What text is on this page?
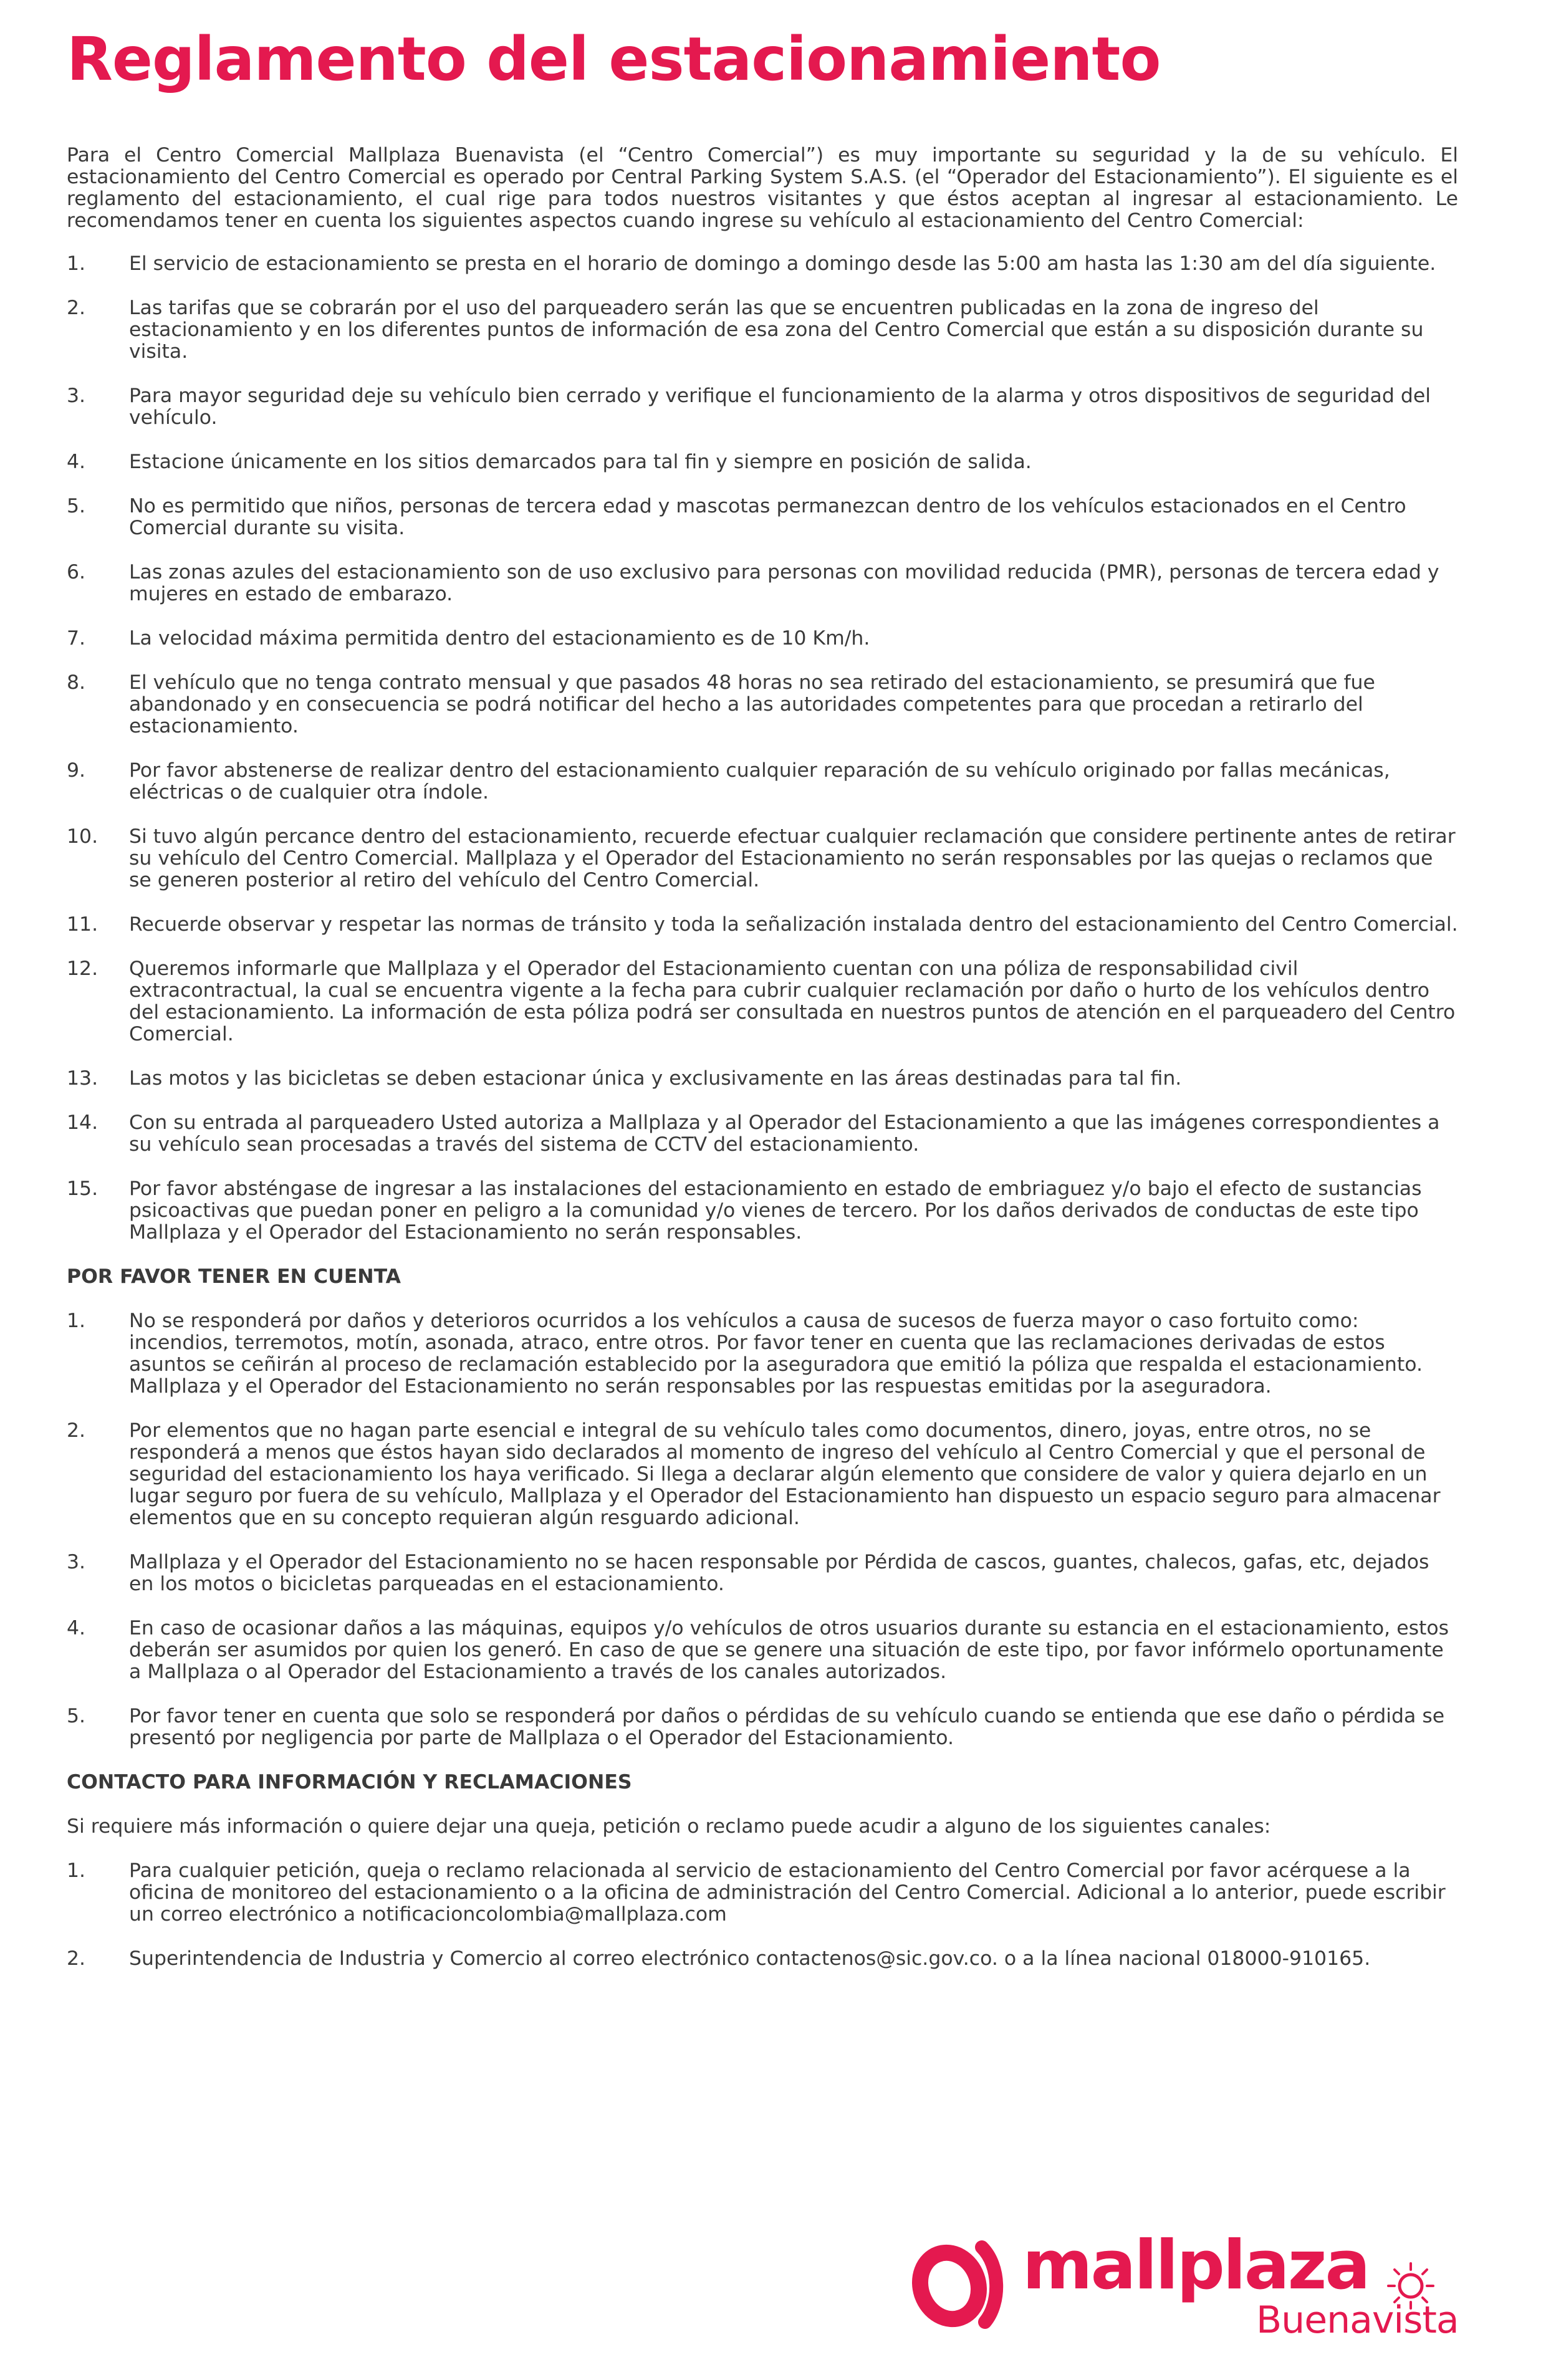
Reglamento del estacionamiento

Para el Centro Comercial Mallplaza Buenavista (el “Centro Comercial”) es muy importante su seguridad y la de su vehículo. El estacionamiento del Centro Comercial es operado por Central Parking System S.A.S. (el “Operador del Estacionamiento”). El siguiente es el reglamento del estacionamiento, el cual rige para todos nuestros visitantes y que éstos aceptan al ingresar al estacionamiento. Le recomendamos tener en cuenta los siguientes aspectos cuando ingrese su vehículo al estacionamiento del Centro Comercial:

1.	El servicio de estacionamiento se presta en el horario de domingo a domingo desde las 5:00 am hasta las 1:30 am del día siguiente.
2.	Las tarifas que se cobrarán por el uso del parqueadero serán las que se encuentren publicadas en la zona de ingreso del estacionamiento y en los diferentes puntos de información de esa zona del Centro Comercial que están a su disposición durante su visita.
3.	Para mayor seguridad deje su vehículo bien cerrado y verifique el funcionamiento de la alarma y otros dispositivos de seguridad del vehículo.
4.	Estacione únicamente en los sitios demarcados para tal fin y siempre en posición de salida.
5.	No es permitido que niños, personas de tercera edad y mascotas permanezcan dentro de los vehículos estacionados en el Centro Comercial durante su visita.
6.	Las zonas azules del estacionamiento son de uso exclusivo para personas con movilidad reducida (PMR), personas de tercera edad y mujeres en estado de embarazo.
7.	La velocidad máxima permitida dentro del estacionamiento es de 10 Km/h.
8.	El vehículo que no tenga contrato mensual y que pasados 48 horas no sea retirado del estacionamiento, se presumirá que fue abandonado y en consecuencia se podrá notificar del hecho a las autoridades competentes para que procedan a retirarlo del estacionamiento.
9.	Por favor abstenerse de realizar dentro del estacionamiento cualquier reparación de su vehículo originado por fallas mecánicas, eléctricas o de cualquier otra índole.
10.	Si tuvo algún percance dentro del estacionamiento, recuerde efectuar cualquier reclamación que considere pertinente antes de retirar su vehículo del Centro Comercial. Mallplaza y el Operador del Estacionamiento no serán responsables por las quejas o reclamos que se generen posterior al retiro del vehículo del Centro Comercial.
11.	Recuerde observar y respetar las normas de tránsito y toda la señalización instalada dentro del estacionamiento del Centro Comercial.
12.	Queremos informarle que Mallplaza y el Operador del Estacionamiento cuentan con una póliza de responsabilidad civil extracontractual, la cual se encuentra vigente a la fecha para cubrir cualquier reclamación por daño o hurto de los vehículos dentro del estacionamiento. La información de esta póliza podrá ser consultada en nuestros puntos de atención en el parqueadero del Centro Comercial.
13.	Las motos y las bicicletas se deben estacionar única y exclusivamente en las áreas destinadas para tal fin.
14.	Con su entrada al parqueadero Usted autoriza a Mallplaza y al Operador del Estacionamiento a que las imágenes correspondientes a su vehículo sean procesadas a través del sistema de CCTV del estacionamiento.
15.	Por favor absténgase de ingresar a las instalaciones del estacionamiento en estado de embriaguez y/o bajo el efecto de sustancias psicoactivas que puedan poner en peligro a la comunidad y/o vienes de tercero. Por los daños derivados de conductas de este tipo Mallplaza y el Operador del Estacionamiento no serán responsables.
POR FAVOR TENER EN CUENTA
1.	No se responderá por daños y deterioros ocurridos a los vehículos a causa de sucesos de fuerza mayor o caso fortuito como: incendios, terremotos, motín, asonada, atraco, entre otros. Por favor tener en cuenta que las reclamaciones derivadas de estos asuntos se ceñirán al proceso de reclamación establecido por la aseguradora que emitió la póliza que respalda el estacionamiento. Mallplaza y el Operador del Estacionamiento no serán responsables por las respuestas emitidas por la aseguradora.
2.	Por elementos que no hagan parte esencial e integral de su vehículo tales como documentos, dinero, joyas, entre otros, no se responderá a menos que éstos hayan sido declarados al momento de ingreso del vehículo al Centro Comercial y que el personal de seguridad del estacionamiento los haya verificado. Si llega a declarar algún elemento que considere de valor y quiera dejarlo en un lugar seguro por fuera de su vehículo, Mallplaza y el Operador del Estacionamiento han dispuesto un espacio seguro para almacenar elementos que en su concepto requieran algún resguardo adicional.
3.	Mallplaza y el Operador del Estacionamiento no se hacen responsable por Pérdida de cascos, guantes, chalecos, gafas, etc, dejados en los motos o bicicletas parqueadas en el estacionamiento.
4.	En caso de ocasionar daños a las máquinas, equipos y/o vehículos de otros usuarios durante su estancia en el estacionamiento, estos deberán ser asumidos por quien los generó. En caso de que se genere una situación de este tipo, por favor infórmelo oportunamente a Mallplaza o al Operador del Estacionamiento a través de los canales autorizados.
5.	Por favor tener en cuenta que solo se responderá por daños o pérdidas de su vehículo cuando se entienda que ese daño o pérdida se presentó por negligencia por parte de Mallplaza o el Operador del Estacionamiento.
CONTACTO PARA INFORMACIÓN Y RECLAMACIONES

Si requiere más información o quiere dejar una queja, petición o reclamo puede acudir a alguno de los siguientes canales:

1.	Para cualquier petición, queja o reclamo relacionada al servicio de estacionamiento del Centro Comercial por favor acérquese a la oficina de monitoreo del estacionamiento o a la oficina de administración del Centro Comercial. Adicional a lo anterior, puede escribir un correo electrónico a notificacioncolombia@mallplaza.com
2.	Superintendencia de Industria y Comercio al correo electrónico contactenos@sic.gov.co. o a la línea nacional 018000-910165.
mallplaza
Buenavista
